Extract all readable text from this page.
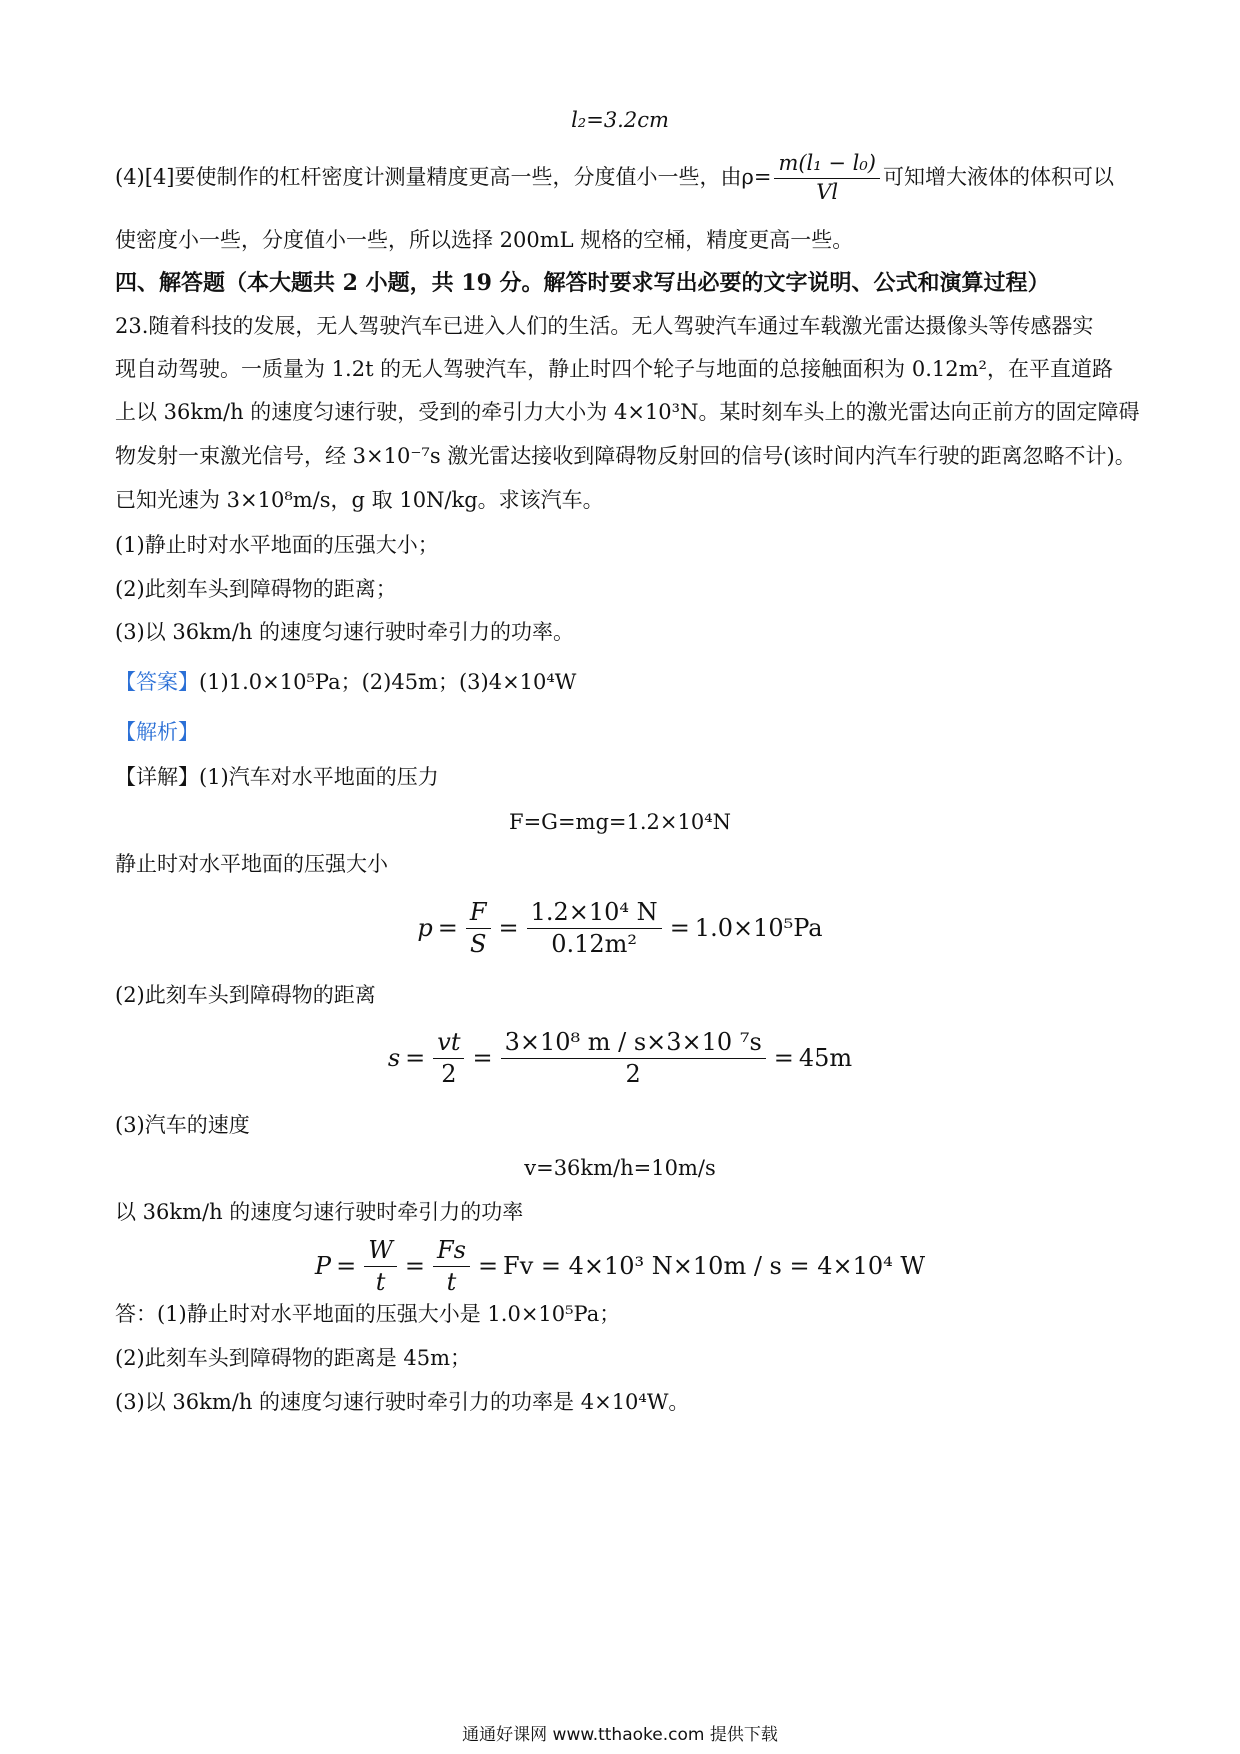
l₂=3.2cm
(4)[4]要使制作的杠杆密度计测量精度更高一些，分度值小一些，由 $\rho= \frac{\text{m(l₁ − l₀)}}{Vl}$ 可知增大液体的体积可以
使密度小一些，分度值小一些，所以选择 200mL 规格的空桶，精度更高一些。
四、解答题（本大题共 2 小题，共 19 分。解答时要求写出必要的文字说明、公式和演算过程）
23.随着科技的发展，无人驾驶汽车已进入人们的生活。无人驾驶汽车通过车载激光雷达摄像头等传感器实
现自动驾驶。一质量为 1.2t 的无人驾驶汽车，静止时四个轮子与地面的总接触面积为 0.12m²，在平直道路
上以 36km/h 的速度匀速行驶，受到的牵引力大小为 4×10³N。某时刻车头上的激光雷达向正前方的固定障碍
物发射一束激光信号，经 3×10⁻⁷s 激光雷达接收到障碍物反射回的信号(该时间内汽车行驶的距离忽略不计)。
已知光速为 3×10⁸m/s，g 取 10N/kg。求该汽车。
(1)静止时对水平地面的压强大小；
(2)此刻车头到障碍物的距离；
(3)以 36km/h 的速度匀速行驶时牵引力的功率。
【答案】(1)1.0×10⁵Pa；(2)45m；(3)4×10⁴W
【解析】
【详解】(1)汽车对水平地面的压力
F=G=mg=1.2×10⁴N
静止时对水平地面的压强大小
$p = \frac{F}{S} = \frac{\text{1.2×10⁴ N}}{\text{0.12m²}} = 1.0\times 10^5Pa$
(2)此刻车头到障碍物的距离
$s = \frac{vt}{2} = \frac{\text{3×10⁸ m / s×3×10 ⁷s}}{2} = 45m$
(3)汽车的速度
v=36km/h=10m/s
以 36km/h 的速度匀速行驶时牵引力的功率
$P = \frac{W}{t} = \frac{Fs}{t} = Fv = 4\times 10^3$ N×10m / s = 4×10⁴ W
答：(1)静止时对水平地面的压强大小是 1.0×10⁵Pa；
(2)此刻车头到障碍物的距离是 45m；
(3)以 36km/h 的速度匀速行驶时牵引力的功率是 4×10⁴W。
通通好课网 www.tthaoke.com 提供下载
